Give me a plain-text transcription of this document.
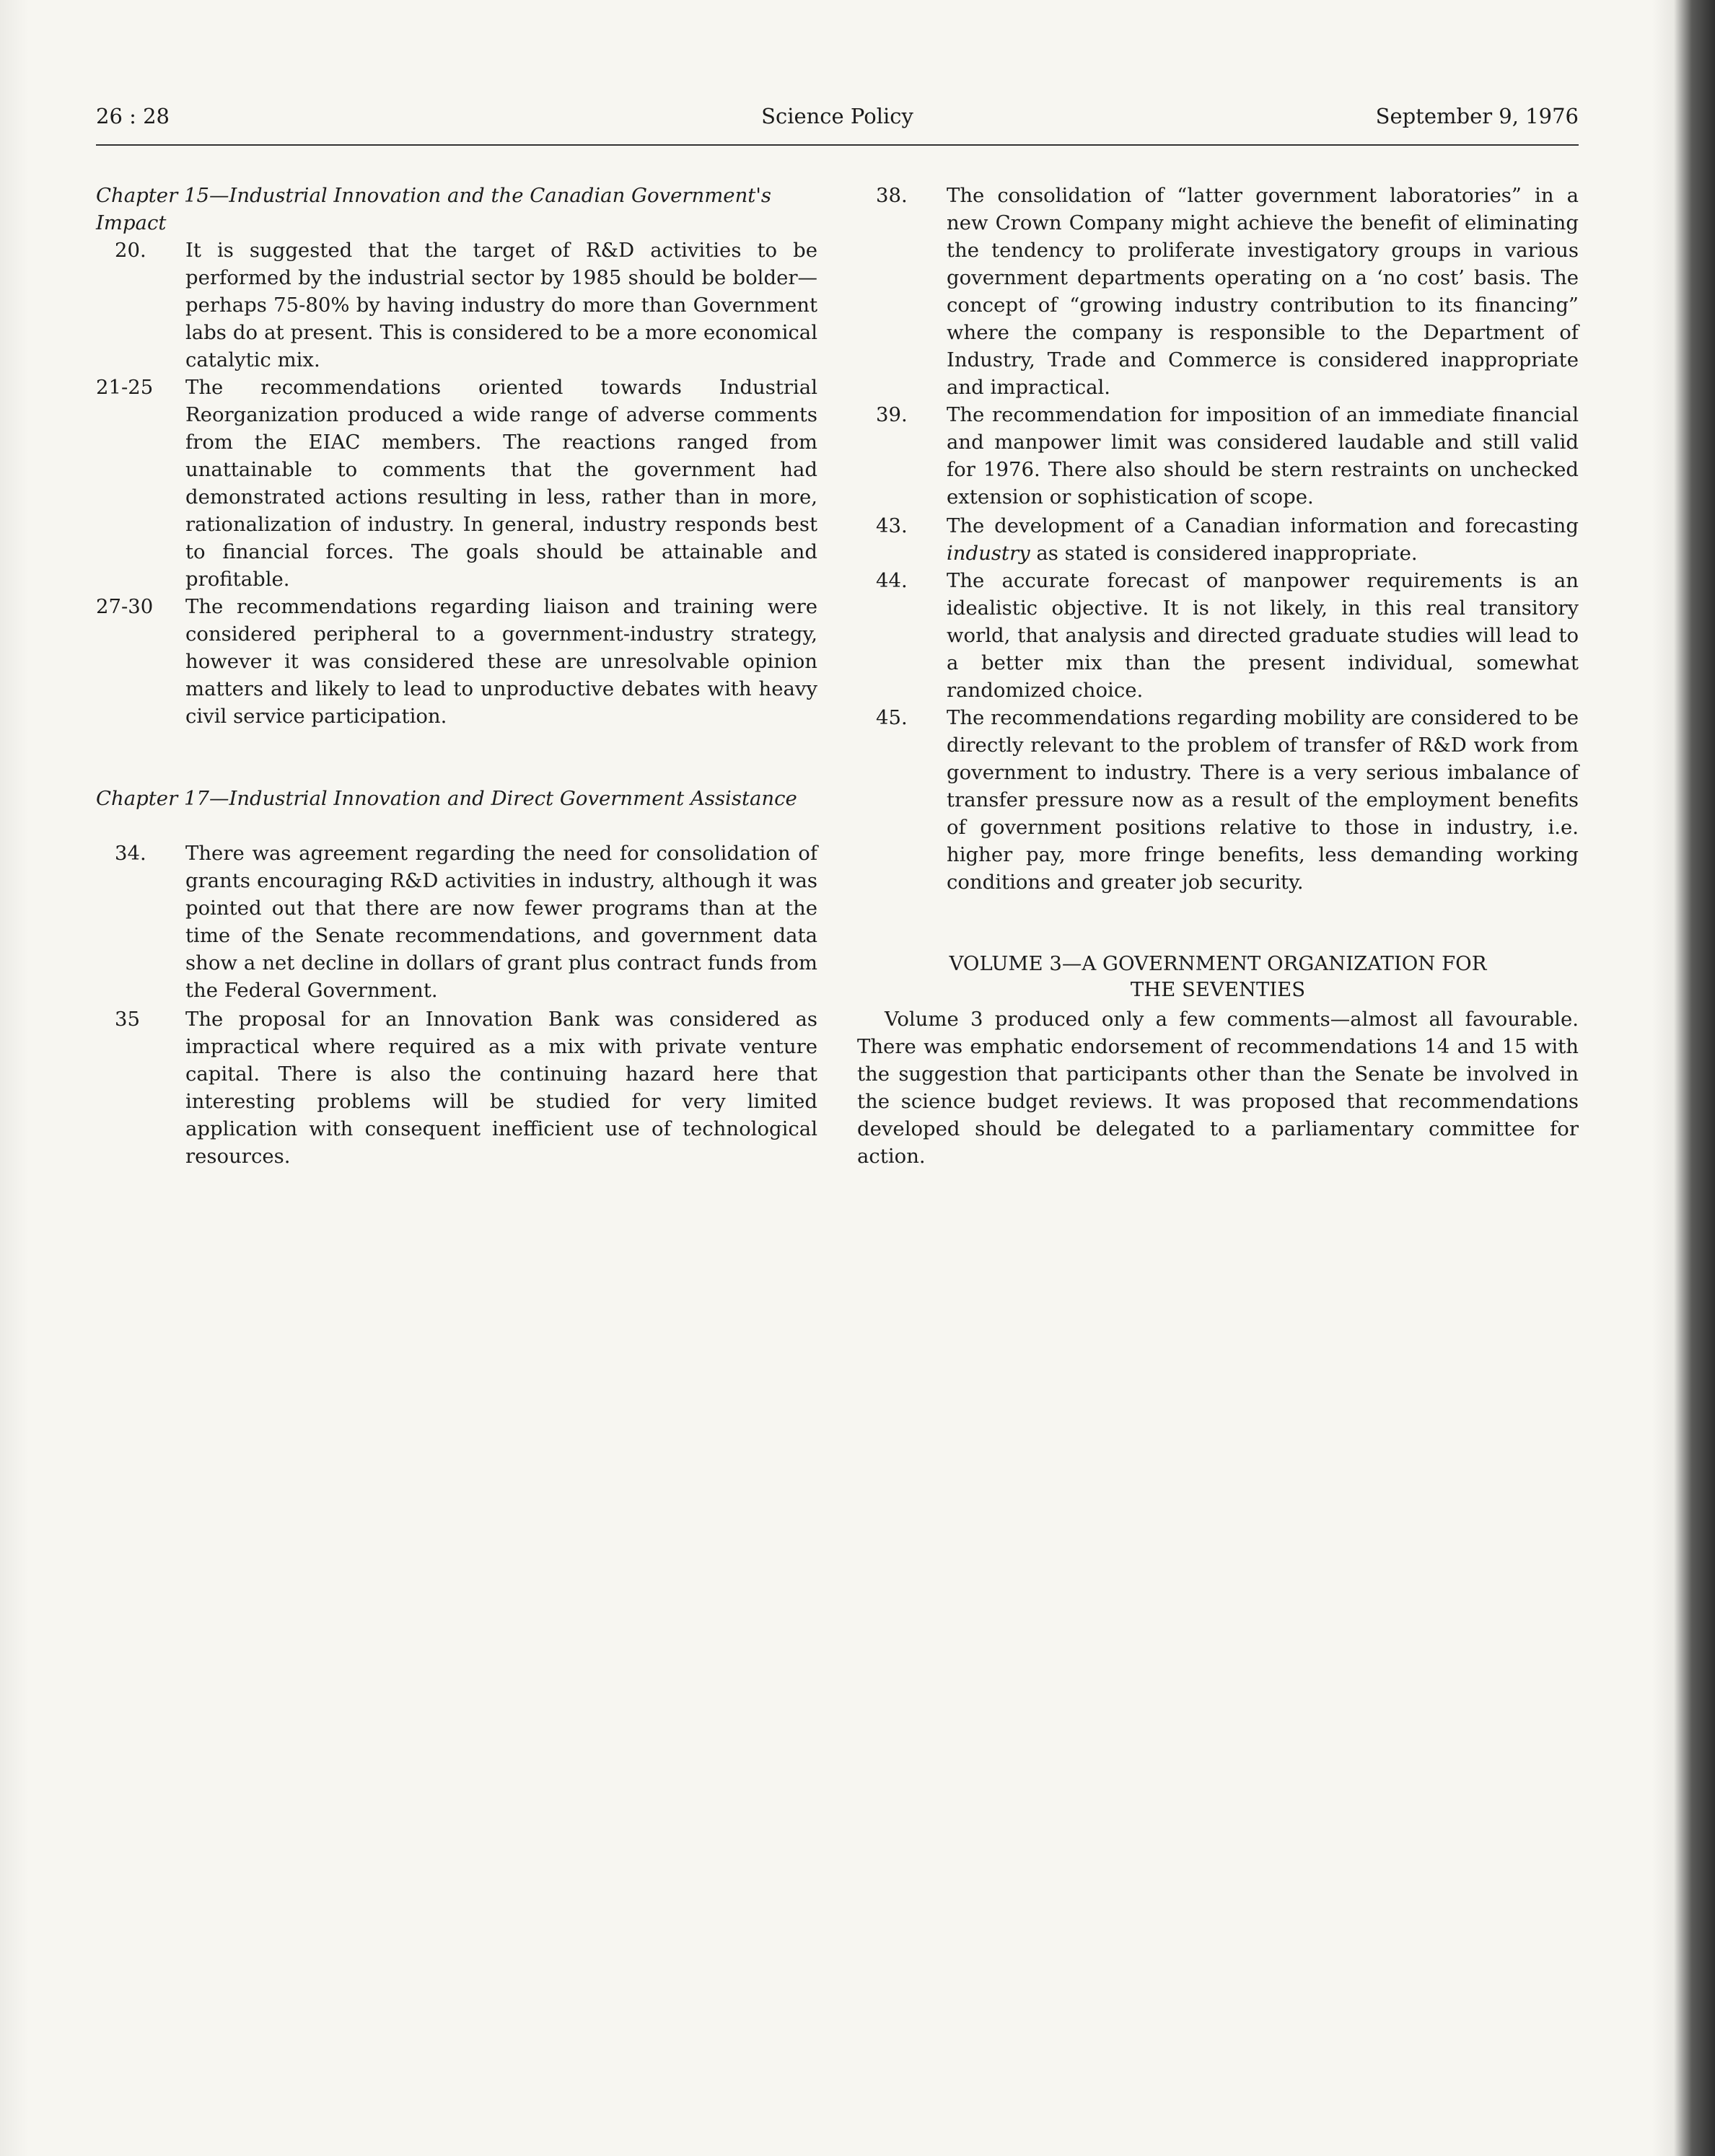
26 : 28	Science Policy	September 9, 1976

Chapter 15—Industrial Innovation and the Canadian Government's Impact

20.	It is suggested that the target of R&D activities to be performed by the industrial sector by 1985 should be bolder—perhaps 75-80% by having industry do more than Government labs do at present. This is considered to be a more economical catalytic mix.
21-25	The recommendations oriented towards Industrial Reorganization produced a wide range of adverse comments from the EIAC members. The reactions ranged from unattainable to comments that the government had demonstrated actions resulting in less, rather than in more, rationalization of industry. In general, industry responds best to financial forces. The goals should be attainable and profitable.
27-30	The recommendations regarding liaison and training were considered peripheral to a government-industry strategy, however it was considered these are unresolvable opinion matters and likely to lead to unproductive debates with heavy civil service participation.

Chapter 17—Industrial Innovation and Direct Government Assistance

34.	There was agreement regarding the need for consolidation of grants encouraging R&D activities in industry, although it was pointed out that there are now fewer programs than at the time of the Senate recommendations, and government data show a net decline in dollars of grant plus contract funds from the Federal Government.
35	The proposal for an Innovation Bank was considered as impractical where required as a mix with private venture capital. There is also the continuing hazard here that interesting problems will be studied for very limited application with consequent inefficient use of technological resources.
38.	The consolidation of “latter government laboratories” in a new Crown Company might achieve the benefit of eliminating the tendency to proliferate investigatory groups in various government departments operating on a ‘no cost’ basis. The concept of “growing industry contribution to its financing” where the company is responsible to the Department of Industry, Trade and Commerce is considered inappropriate and impractical.
39.	The recommendation for imposition of an immediate financial and manpower limit was considered laudable and still valid for 1976. There also should be stern restraints on unchecked extension or sophistication of scope.
43.	The development of a Canadian information and forecasting industry as stated is considered inappropriate.
44.	The accurate forecast of manpower requirements is an idealistic objective. It is not likely, in this real transitory world, that analysis and directed graduate studies will lead to a better mix than the present individual, somewhat randomized choice.
45.	The recommendations regarding mobility are considered to be directly relevant to the problem of transfer of R&D work from government to industry. There is a very serious imbalance of transfer pressure now as a result of the employment benefits of government positions relative to those in industry, i.e. higher pay, more fringe benefits, less demanding working conditions and greater job security.
VOLUME 3—A GOVERNMENT ORGANIZATION FOR
THE SEVENTIES

Volume 3 produced only a few comments—almost all favourable. There was emphatic endorsement of recommendations 14 and 15 with the suggestion that participants other than the Senate be involved in the science budget reviews. It was proposed that recommendations developed should be delegated to a parliamentary committee for action.
